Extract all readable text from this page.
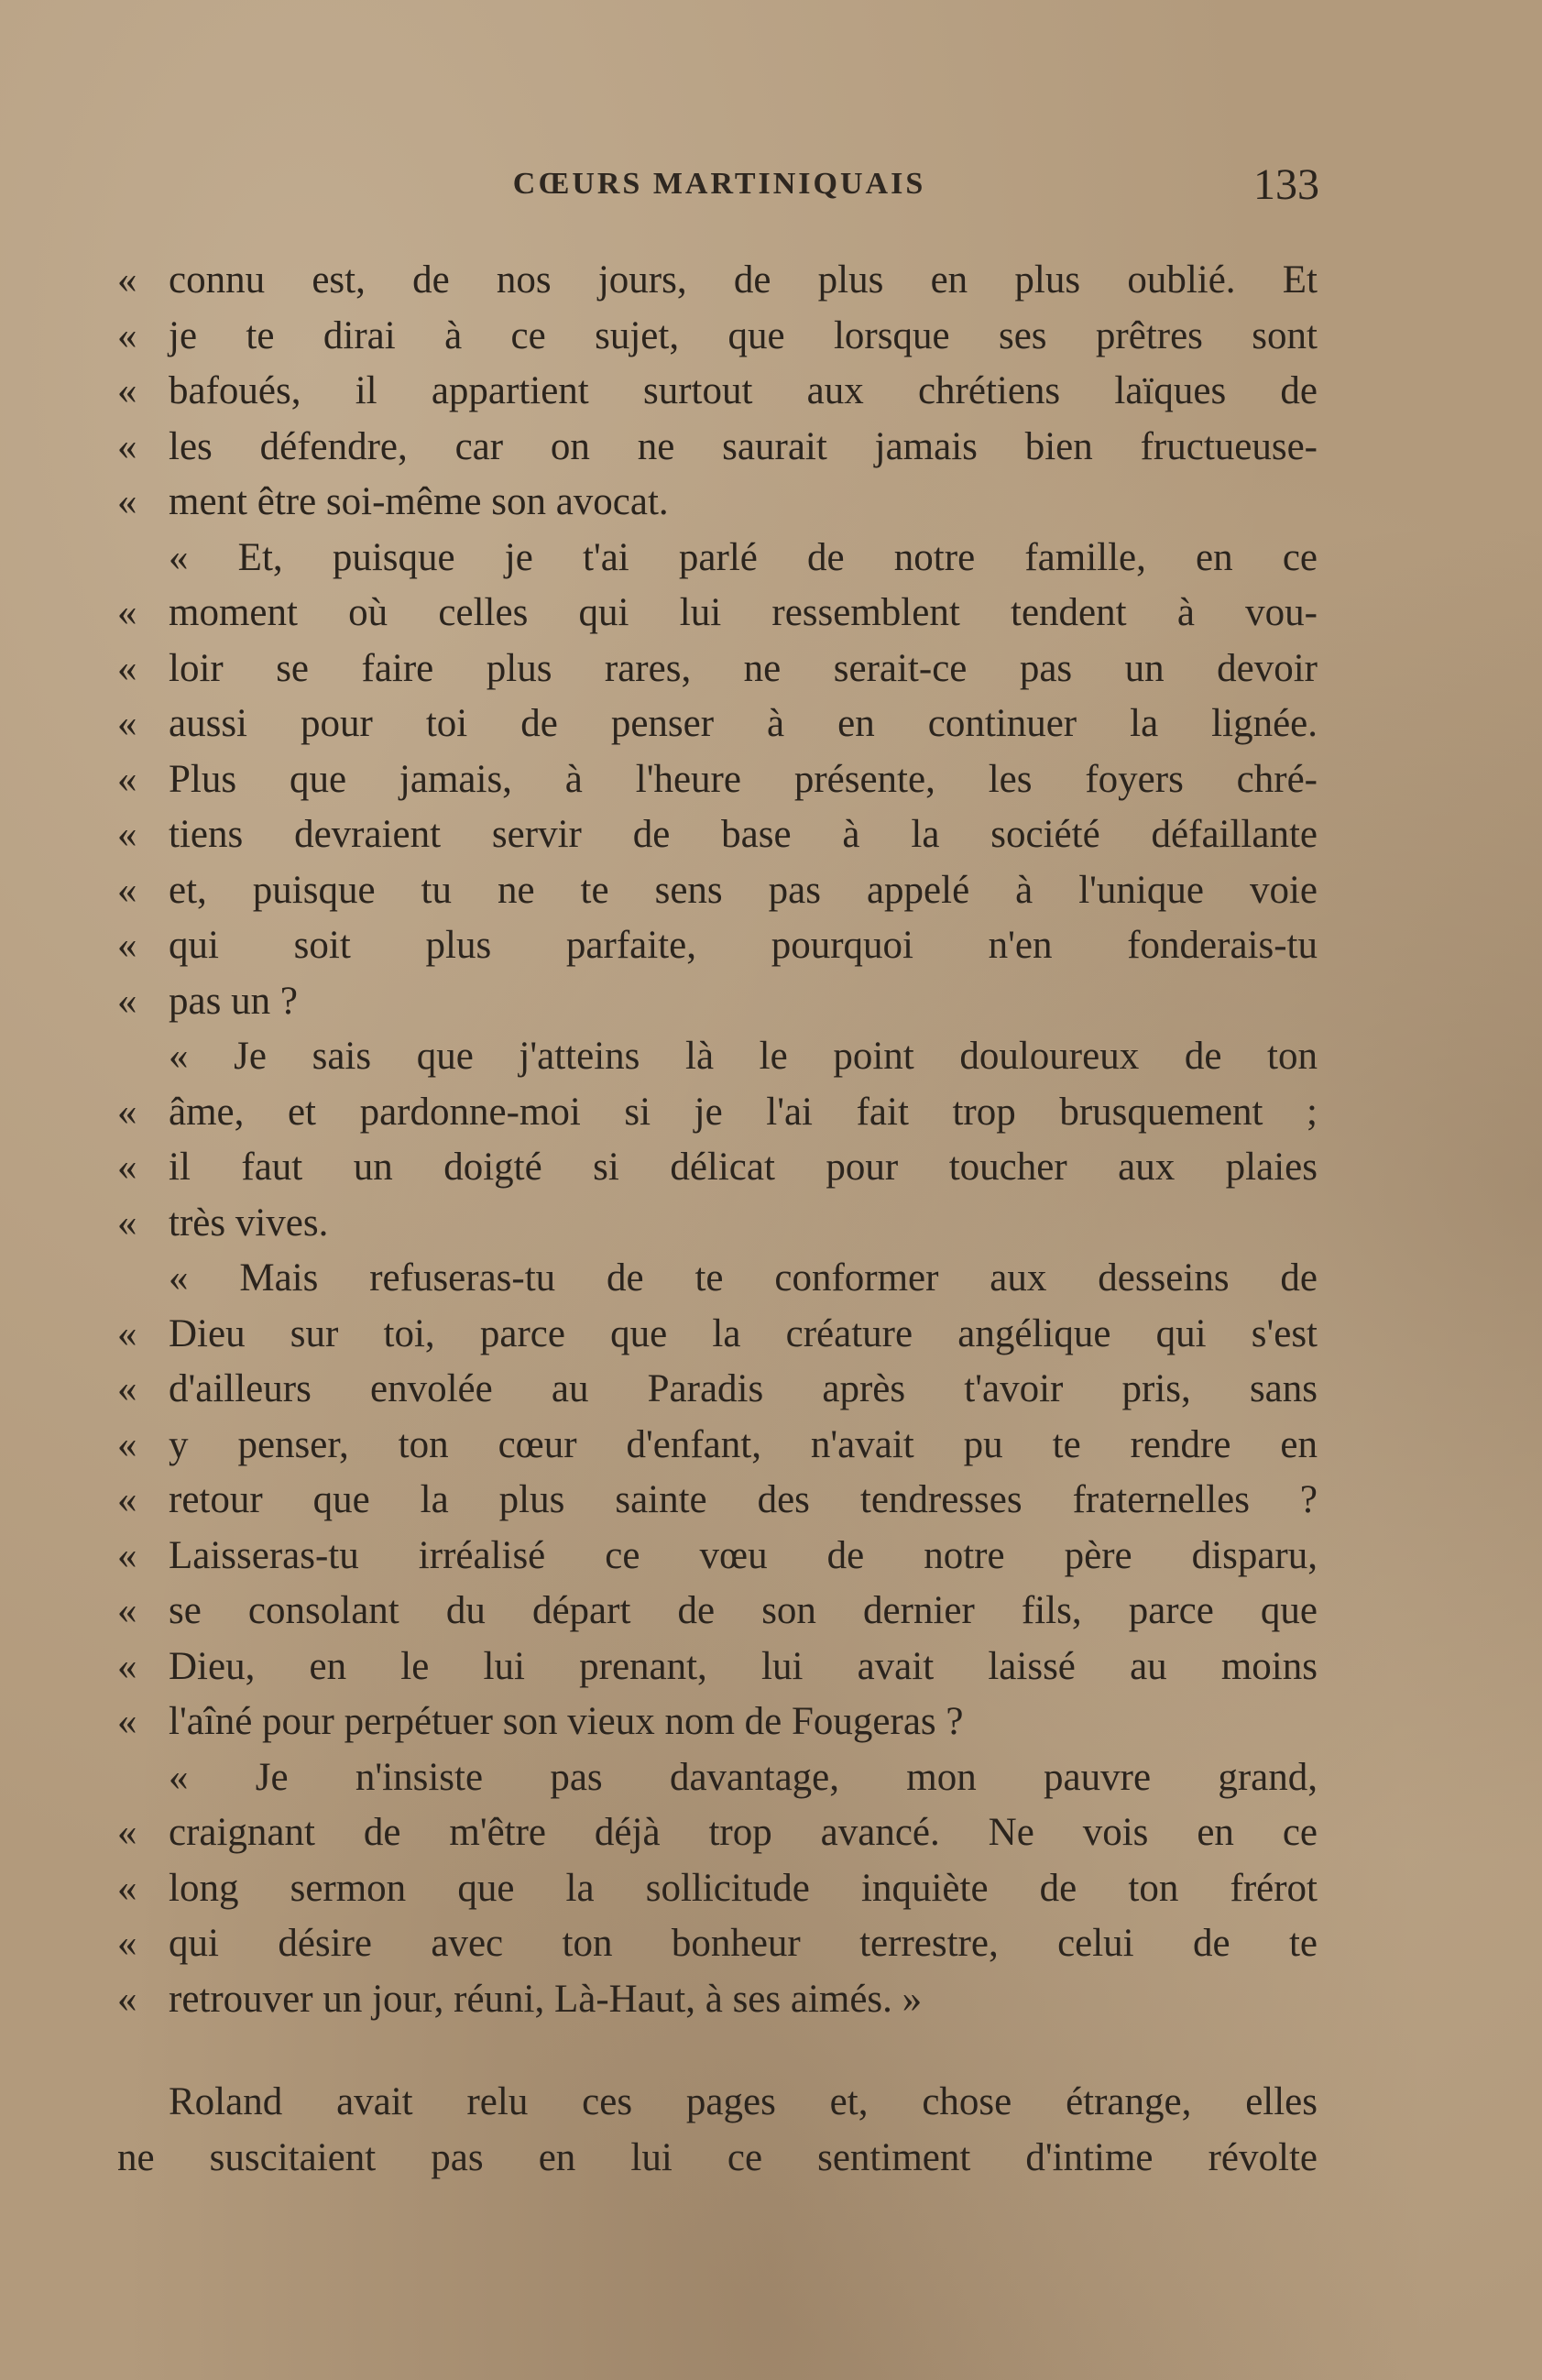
CŒURS MARTINIQUAIS	133
« connu est, de nos jours, de plus en plus oublié. Et
« je te dirai à ce sujet, que lorsque ses prêtres sont
« bafoués, il appartient surtout aux chrétiens laïques de
« les défendre, car on ne saurait jamais bien fructueuse-
« ment être soi-même son avocat.
« Et, puisque je t'ai parlé de notre famille, en ce
« moment où celles qui lui ressemblent tendent à vou-
« loir se faire plus rares, ne serait-ce pas un devoir
« aussi pour toi de penser à en continuer la lignée.
« Plus que jamais, à l'heure présente, les foyers chré-
« tiens devraient servir de base à la société défaillante
« et, puisque tu ne te sens pas appelé à l'unique voie
« qui soit plus parfaite, pourquoi n'en fonderais-tu
« pas un ?
« Je sais que j'atteins là le point douloureux de ton
« âme, et pardonne-moi si je l'ai fait trop brusquement ;
« il faut un doigté si délicat pour toucher aux plaies
« très vives.
« Mais refuseras-tu de te conformer aux desseins de
« Dieu sur toi, parce que la créature angélique qui s'est
« d'ailleurs envolée au Paradis après t'avoir pris, sans
« y penser, ton cœur d'enfant, n'avait pu te rendre en
« retour que la plus sainte des tendresses fraternelles ?
« Laisseras-tu irréalisé ce vœu de notre père disparu,
« se consolant du départ de son dernier fils, parce que
« Dieu, en le lui prenant, lui avait laissé au moins
« l'aîné pour perpétuer son vieux nom de Fougeras ?
« Je n'insiste pas davantage, mon pauvre grand,
« craignant de m'être déjà trop avancé. Ne vois en ce
« long sermon que la sollicitude inquiète de ton frérot
« qui désire avec ton bonheur terrestre, celui de te
« retrouver un jour, réuni, Là-Haut, à ses aimés. »
Roland avait relu ces pages et, chose étrange, elles
ne suscitaient pas en lui ce sentiment d'intime révolte
